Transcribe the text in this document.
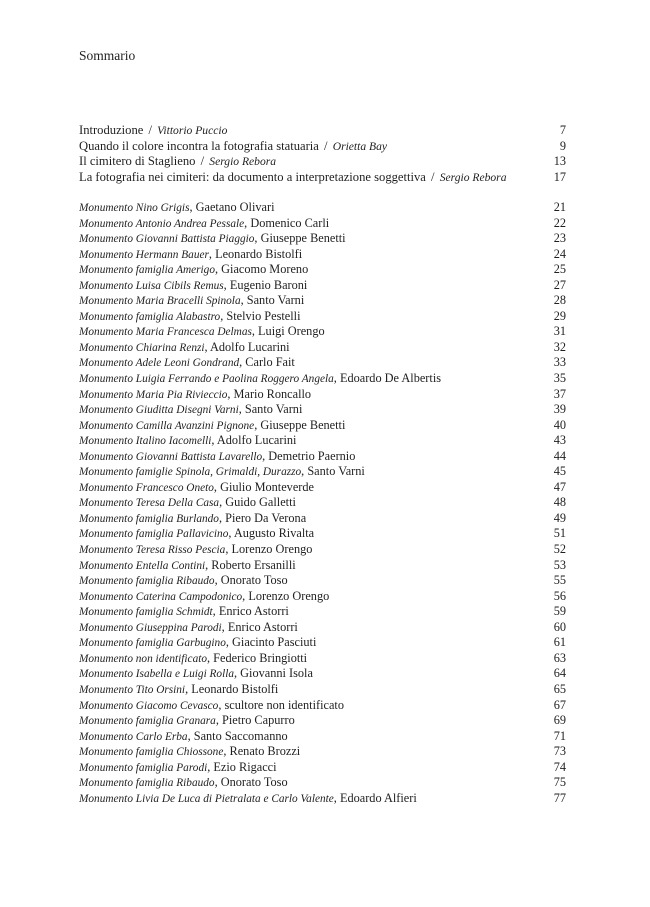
Sommario
Introduzione / Vittorio Puccio	7
Quando il colore incontra la fotografia statuaria / Orietta Bay	9
Il cimitero di Staglieno / Sergio Rebora	13
La fotografia nei cimiteri: da documento a interpretazione soggettiva / Sergio Rebora	17
Monumento Nino Grigis, Gaetano Olivari	21
Monumento Antonio Andrea Pessale, Domenico Carli	22
Monumento Giovanni Battista Piaggio, Giuseppe Benetti	23
Monumento Hermann Bauer, Leonardo Bistolfi	24
Monumento famiglia Amerigo, Giacomo Moreno	25
Monumento Luisa Cibils Remus, Eugenio Baroni	27
Monumento Maria Bracelli Spinola, Santo Varni	28
Monumento famiglia Alabastro, Stelvio Pestelli	29
Monumento Maria Francesca Delmas, Luigi Orengo	31
Monumento Chiarina Renzi, Adolfo Lucarini	32
Monumento Adele Leoni Gondrand, Carlo Fait	33
Monumento Luigia Ferrando e Paolina Roggero Angela, Edoardo De Albertis	35
Monumento Maria Pia Rivieccio, Mario Roncallo	37
Monumento Giuditta Disegni Varni, Santo Varni	39
Monumento Camilla Avanzini Pignone, Giuseppe Benetti	40
Monumento Italino Iacomelli, Adolfo Lucarini	43
Monumento Giovanni Battista Lavarello, Demetrio Paernio	44
Monumento famiglie Spinola, Grimaldi, Durazzo, Santo Varni	45
Monumento Francesco Oneto, Giulio Monteverde	47
Monumento Teresa Della Casa, Guido Galletti	48
Monumento famiglia Burlando, Piero Da Verona	49
Monumento famiglia Pallavicino, Augusto Rivalta	51
Monumento Teresa Risso Pescia, Lorenzo Orengo	52
Monumento Entella Contini, Roberto Ersanilli	53
Monumento famiglia Ribaudo, Onorato Toso	55
Monumento Caterina Campodonico, Lorenzo Orengo	56
Monumento famiglia Schmidt, Enrico Astorri	59
Monumento Giuseppina Parodi, Enrico Astorri	60
Monumento famiglia Garbugino, Giacinto Pasciuti	61
Monumento non identificato, Federico Bringiotti	63
Monumento Isabella e Luigi Rolla, Giovanni Isola	64
Monumento Tito Orsini, Leonardo Bistolfi	65
Monumento Giacomo Cevasco, scultore non identificato	67
Monumento famiglia Granara, Pietro Capurro	69
Monumento Carlo Erba, Santo Saccomanno	71
Monumento famiglia Chiossone, Renato Brozzi	73
Monumento famiglia Parodi, Ezio Rigacci	74
Monumento famiglia Ribaudo, Onorato Toso	75
Monumento Livia De Luca di Pietralata e Carlo Valente, Edoardo Alfieri	77
